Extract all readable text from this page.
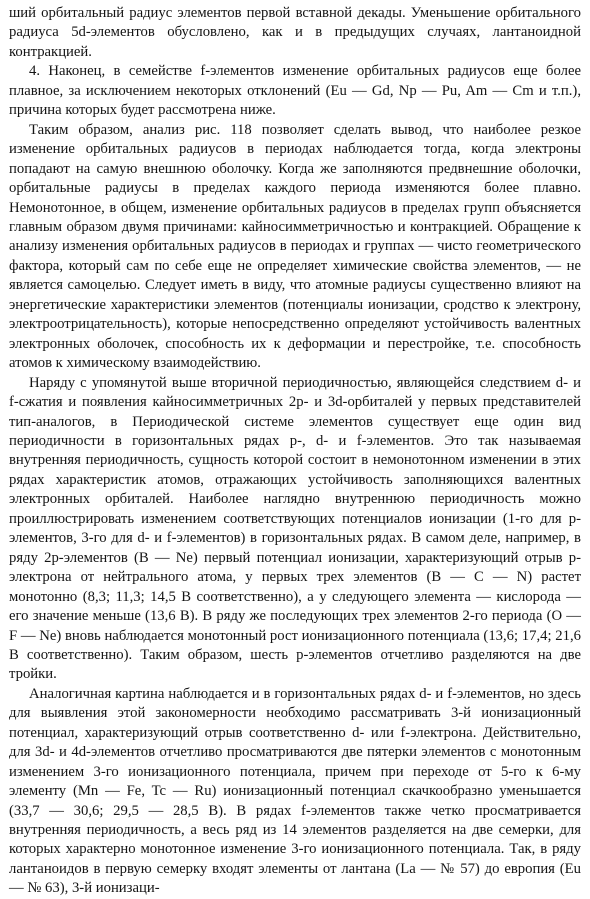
ший орбитальный радиус элементов первой вставной декады. Уменьшение орбитального радиуса 5d-элементов обусловлено, как и в предыдущих случаях, лантаноидной контракцией.

4. Наконец, в семействе f-элементов изменение орбитальных радиусов еще более плавное, за исключением некоторых отклонений (Eu — Gd, Np — Pu, Am — Cm и т.п.), причина которых будет рассмотрена ниже.

Таким образом, анализ рис. 118 позволяет сделать вывод, что наиболее резкое изменение орбитальных радиусов в периодах наблюдается тогда, когда электроны попадают на самую внешнюю оболочку. Когда же заполняются предвнешние оболочки, орбитальные радиусы в пределах каждого периода изменяются более плавно. Немонотонное, в общем, изменение орбитальных радиусов в пределах групп объясняется главным образом двумя причинами: кайносимметричностью и контракцией. Обращение к анализу изменения орбитальных радиусов в периодах и группах — чисто геометрического фактора, который сам по себе еще не определяет химические свойства элементов, — не является самоцелью. Следует иметь в виду, что атомные радиусы существенно влияют на энергетические характеристики элементов (потенциалы ионизации, сродство к электрону, электроотрицательность), которые непосредственно определяют устойчивость валентных электронных оболочек, способность их к деформации и перестройке, т.е. способность атомов к химическому взаимодействию.

Наряду с упомянутой выше вторичной периодичностью, являющейся следствием d- и f-сжатия и появления кайносимметричных 2p- и 3d-орбиталей у первых представителей тип-аналогов, в Периодической системе элементов существует еще один вид периодичности в горизонтальных рядах p-, d- и f-элементов. Это так называемая внутренняя периодичность, сущность которой состоит в немонотонном изменении в этих рядах характеристик атомов, отражающих устойчивость заполняющихся валентных электронных орбиталей. Наиболее наглядно внутреннюю периодичность можно проиллюстрировать изменением соответствующих потенциалов ионизации (1-го для p-элементов, 3-го для d- и f-элементов) в горизонтальных рядах. В самом деле, например, в ряду 2p-элементов (B — Ne) первый потенциал ионизации, характеризующий отрыв p-электрона от нейтрального атома, у первых трех элементов (B — C — N) растет монотонно (8,3; 11,3; 14,5 В соответственно), а у следующего элемента — кислорода — его значение меньше (13,6 В). В ряду же последующих трех элементов 2-го периода (O — F — Ne) вновь наблюдается монотонный рост ионизационного потенциала (13,6; 17,4; 21,6 В соответственно). Таким образом, шесть p-элементов отчетливо разделяются на две тройки.

Аналогичная картина наблюдается и в горизонтальных рядах d- и f-элементов, но здесь для выявления этой закономерности необходимо рассматривать 3-й ионизационный потенциал, характеризующий отрыв соответственно d- или f-электрона. Действительно, для 3d- и 4d-элементов отчетливо просматриваются две пятерки элементов с монотонным изменением 3-го ионизационного потенциала, причем при переходе от 5-го к 6-му элементу (Mn — Fe, Tc — Ru) ионизационный потенциал скачкообразно уменьшается (33,7 — 30,6; 29,5 — 28,5 В). В рядах f-элементов также четко просматривается внутренняя периодичность, а весь ряд из 14 элементов разделяется на две семерки, для которых характерно монотонное изменение 3-го ионизационного потенциала. Так, в ряду лантаноидов в первую семерку входят элементы от лантана (La — № 57) до европия (Eu — № 63), 3-й ионизаци-
